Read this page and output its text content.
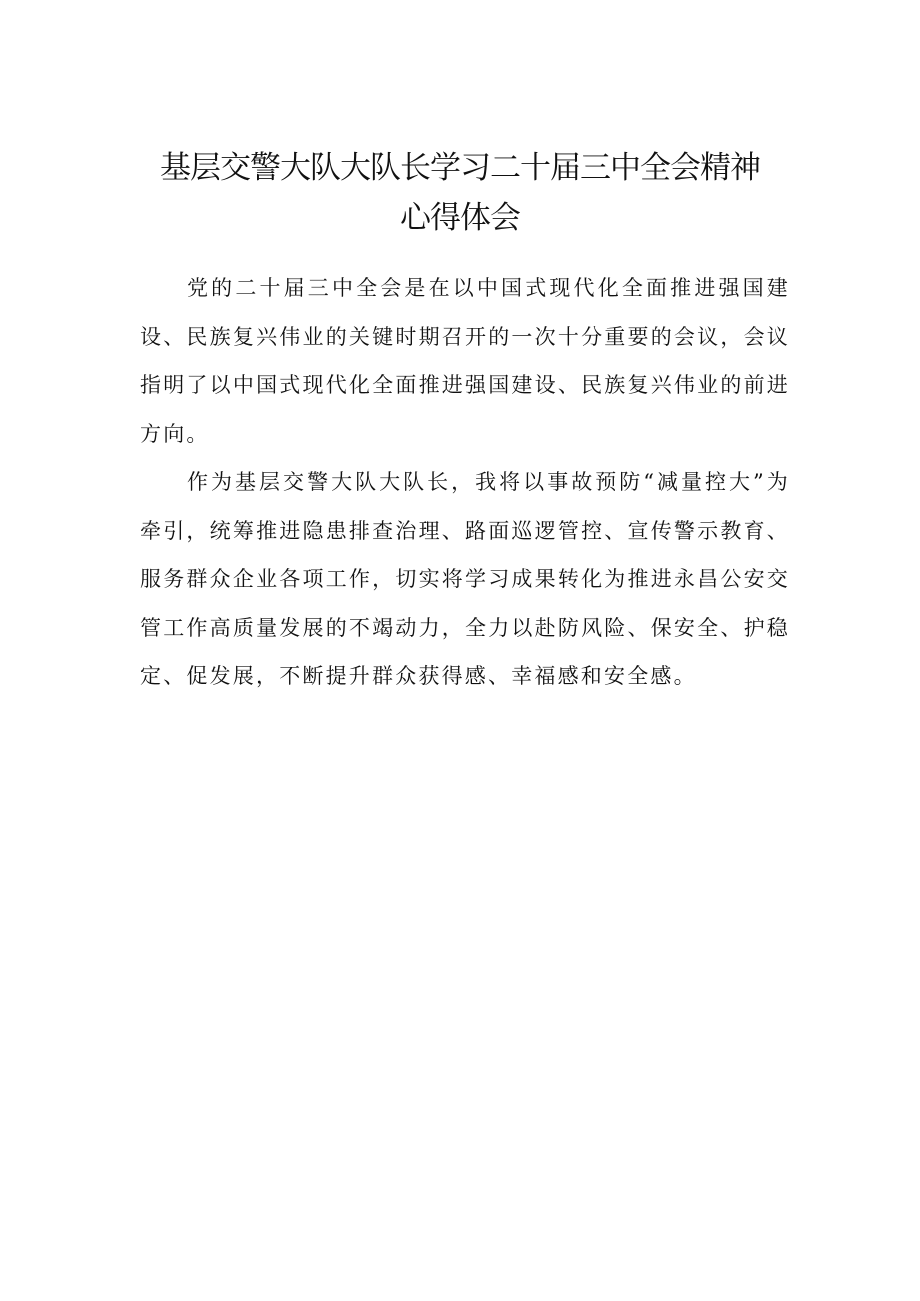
基层交警大队大队长学习二十届三中全会精神
心得体会

党的二十届三中全会是在以中国式现代化全面推进强国建设、民族复兴伟业的关键时期召开的一次十分重要的会议，会议指明了以中国式现代化全面推进强国建设、民族复兴伟业的前进方向。

作为基层交警大队大队长，我将以事故预防“减量控大”为牵引，统筹推进隐患排查治理、路面巡逻管控、宣传警示教育、服务群众企业各项工作，切实将学习成果转化为推进永昌公安交管工作高质量发展的不竭动力，全力以赴防风险、保安全、护稳定、促发展，不断提升群众获得感、幸福感和安全感。
